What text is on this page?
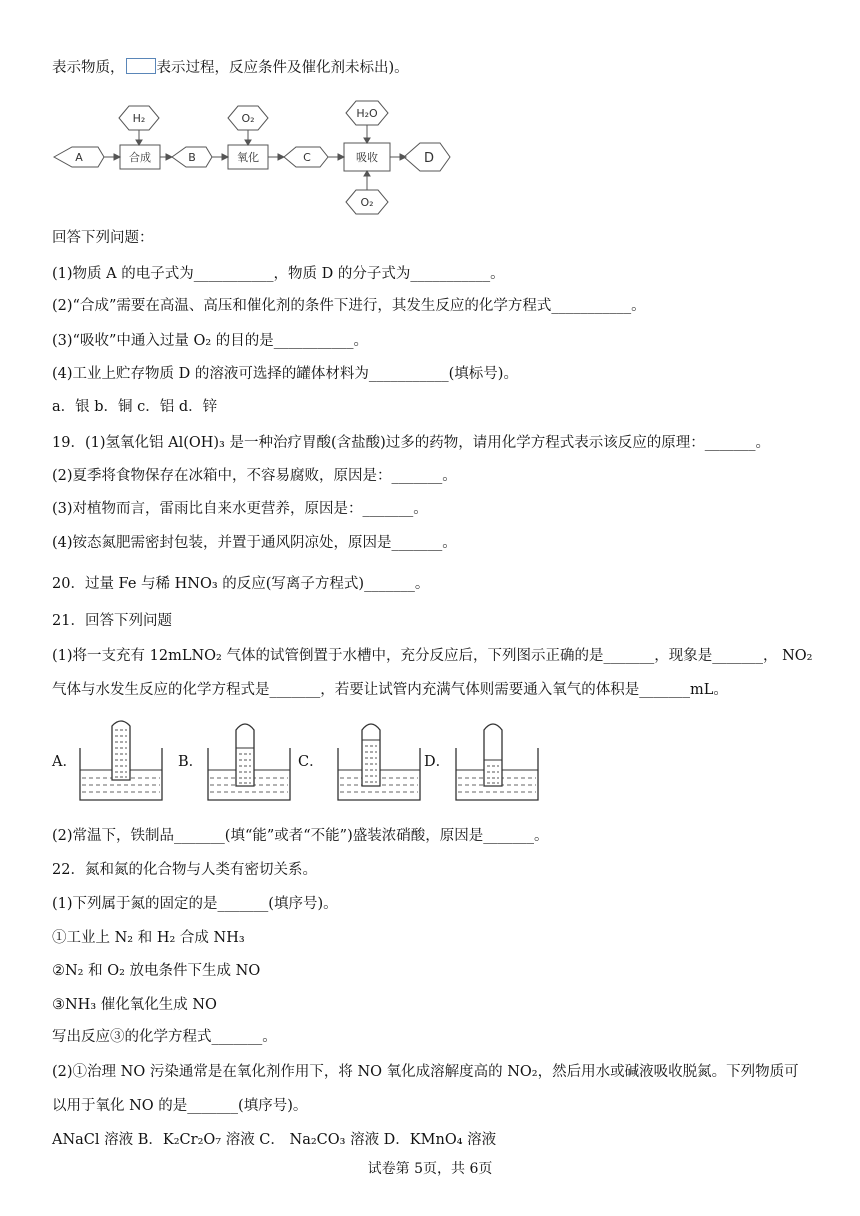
表示物质， 表示过程，反应条件及催化剂未标出)。
A	合成	B	氧化	C	吸收	D
H₂	O₂	H₂O
O₂
回答下列问题：
(1)物质 A 的电子式为___________，物质 D 的分子式为___________。
(2)“合成”需要在高温、高压和催化剂的条件下进行，其发生反应的化学方程式___________。
(3)“吸收”中通入过量 O₂ 的目的是___________。
(4)工业上贮存物质 D 的溶液可选择的罐体材料为___________(填标号)。
a．银 b．铜 c．铝 d．锌
19．(1)氢氧化铝 Al(OH)₃ 是一种治疗胃酸(含盐酸)过多的药物，请用化学方程式表示该反应的原理：_______。
(2)夏季将食物保存在冰箱中，不容易腐败，原因是：_______。
(3)对植物而言，雷雨比自来水更营养，原因是：_______。
(4)铵态氮肥需密封包装，并置于通风阴凉处，原因是_______。
20．过量 Fe 与稀 HNO₃ 的反应(写离子方程式)_______。
21．回答下列问题
(1)将一支充有 12mLNO₂ 气体的试管倒置于水槽中，充分反应后，下列图示正确的是_______，现象是_______， NO₂
气体与水发生反应的化学方程式是_______，若要让试管内充满气体则需要通入氧气的体积是_______mL。
A．	B．	C．	D．
(2)常温下，铁制品_______(填“能”或者“不能”)盛装浓硝酸，原因是_______。
22．氮和氮的化合物与人类有密切关系。
(1)下列属于氮的固定的是_______(填序号)。
①工业上 N₂ 和 H₂ 合成 NH₃
②N₂ 和 O₂ 放电条件下生成 NO
③NH₃ 催化氧化生成 NO
写出反应③的化学方程式_______。
(2)①治理 NO 污染通常是在氧化剂作用下，将 NO 氧化成溶解度高的 NO₂，然后用水或碱液吸收脱氮。下列物质可
以用于氧化 NO 的是_______(填序号)。
ANaCl 溶液 B．K₂Cr₂O₇ 溶液 C． Na₂CO₃ 溶液 D．KMnO₄ 溶液
试卷第 5页，共 6页
